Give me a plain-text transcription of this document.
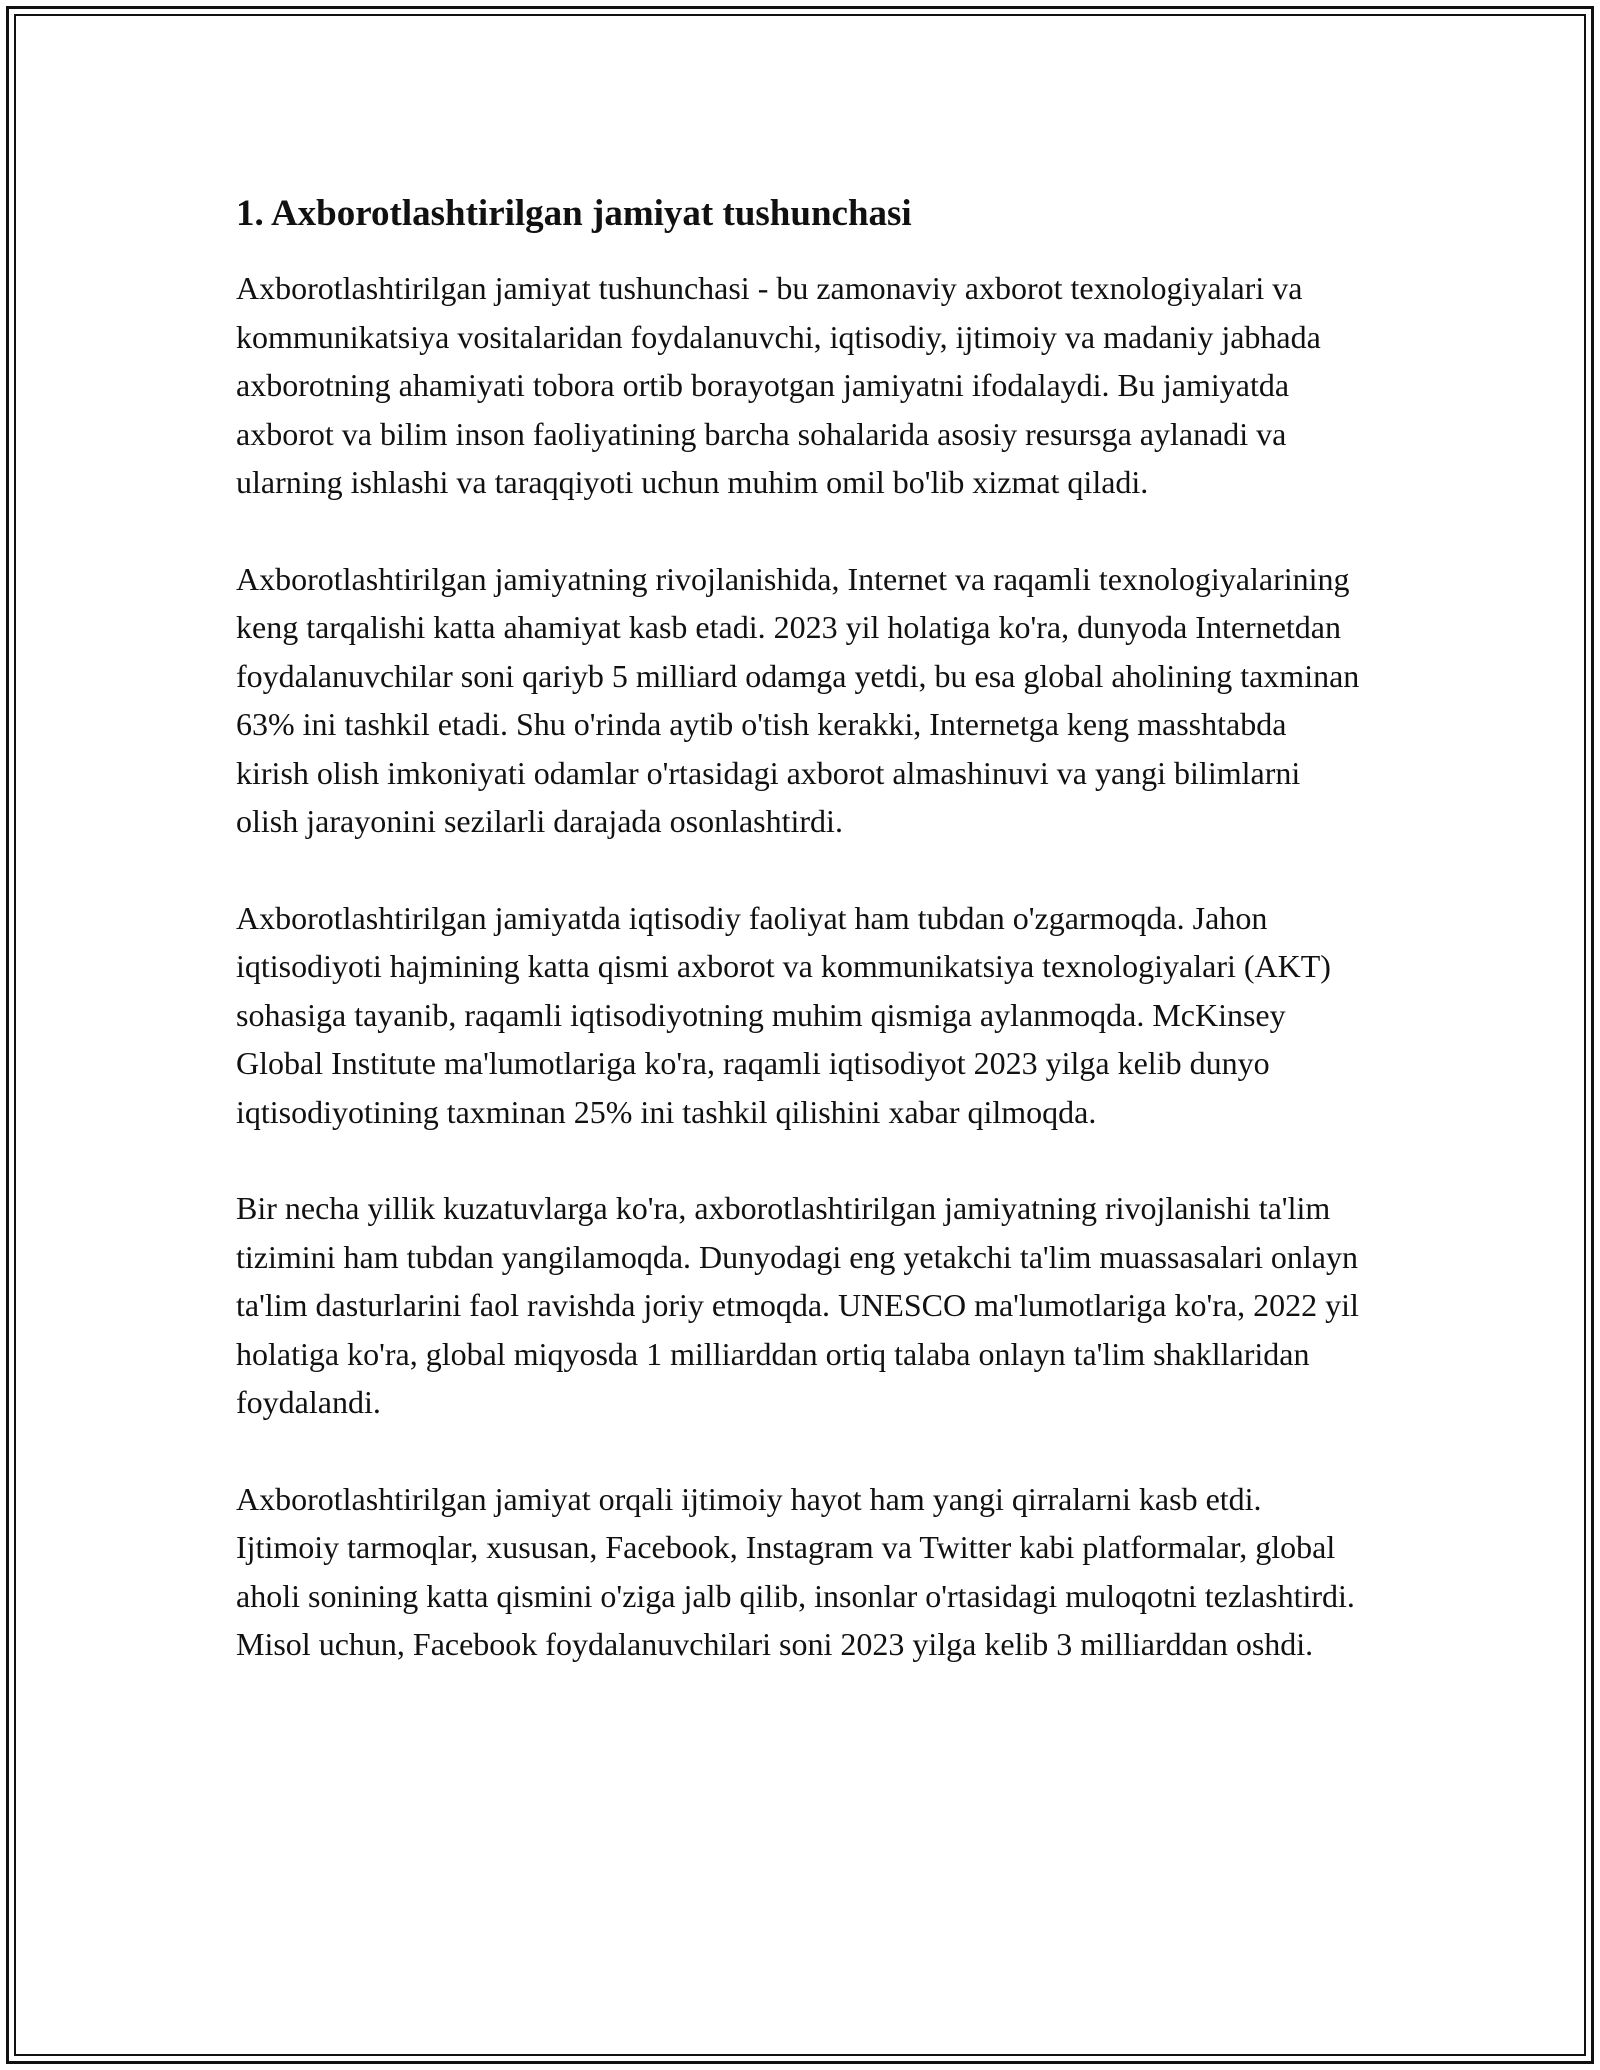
1. Axborotlashtirilgan jamiyat tushunchasi

Axborotlashtirilgan jamiyat tushunchasi - bu zamonaviy axborot texnologiyalari va kommunikatsiya vositalaridan foydalanuvchi, iqtisodiy, ijtimoiy va madaniy jabhada axborotning ahamiyati tobora ortib borayotgan jamiyatni ifodalaydi. Bu jamiyatda axborot va bilim inson faoliyatining barcha sohalarida asosiy resursga aylanadi va ularning ishlashi va taraqqiyoti uchun muhim omil bo'lib xizmat qiladi.

Axborotlashtirilgan jamiyatning rivojlanishida, Internet va raqamli texnologiyalarining keng tarqalishi katta ahamiyat kasb etadi. 2023 yil holatiga ko'ra, dunyoda Internetdan foydalanuvchilar soni qariyb 5 milliard odamga yetdi, bu esa global aholining taxminan 63% ini tashkil etadi. Shu o'rinda aytib o'tish kerakki, Internetga keng masshtabda kirish olish imkoniyati odamlar o'rtasidagi axborot almashinuvi va yangi bilimlarni olish jarayonini sezilarli darajada osonlashtirdi.

Axborotlashtirilgan jamiyatda iqtisodiy faoliyat ham tubdan o'zgarmoqda. Jahon iqtisodiyoti hajmining katta qismi axborot va kommunikatsiya texnologiyalari (AKT) sohasiga tayanib, raqamli iqtisodiyotning muhim qismiga aylanmoqda. McKinsey Global Institute ma'lumotlariga ko'ra, raqamli iqtisodiyot 2023 yilga kelib dunyo iqtisodiyotining taxminan 25% ini tashkil qilishini xabar qilmoqda.

Bir necha yillik kuzatuvlarga ko'ra, axborotlashtirilgan jamiyatning rivojlanishi ta'lim tizimini ham tubdan yangilamoqda. Dunyodagi eng yetakchi ta'lim muassasalari onlayn ta'lim dasturlarini faol ravishda joriy etmoqda. UNESCO ma'lumotlariga ko'ra, 2022 yil holatiga ko'ra, global miqyosda 1 milliarddan ortiq talaba onlayn ta'lim shakllaridan foydalandi.

Axborotlashtirilgan jamiyat orqali ijtimoiy hayot ham yangi qirralarni kasb etdi. Ijtimoiy tarmoqlar, xususan, Facebook, Instagram va Twitter kabi platformalar, global aholi sonining katta qismini o'ziga jalb qilib, insonlar o'rtasidagi muloqotni tezlashtirdi. Misol uchun, Facebook foydalanuvchilari soni 2023 yilga kelib 3 milliarddan oshdi.
